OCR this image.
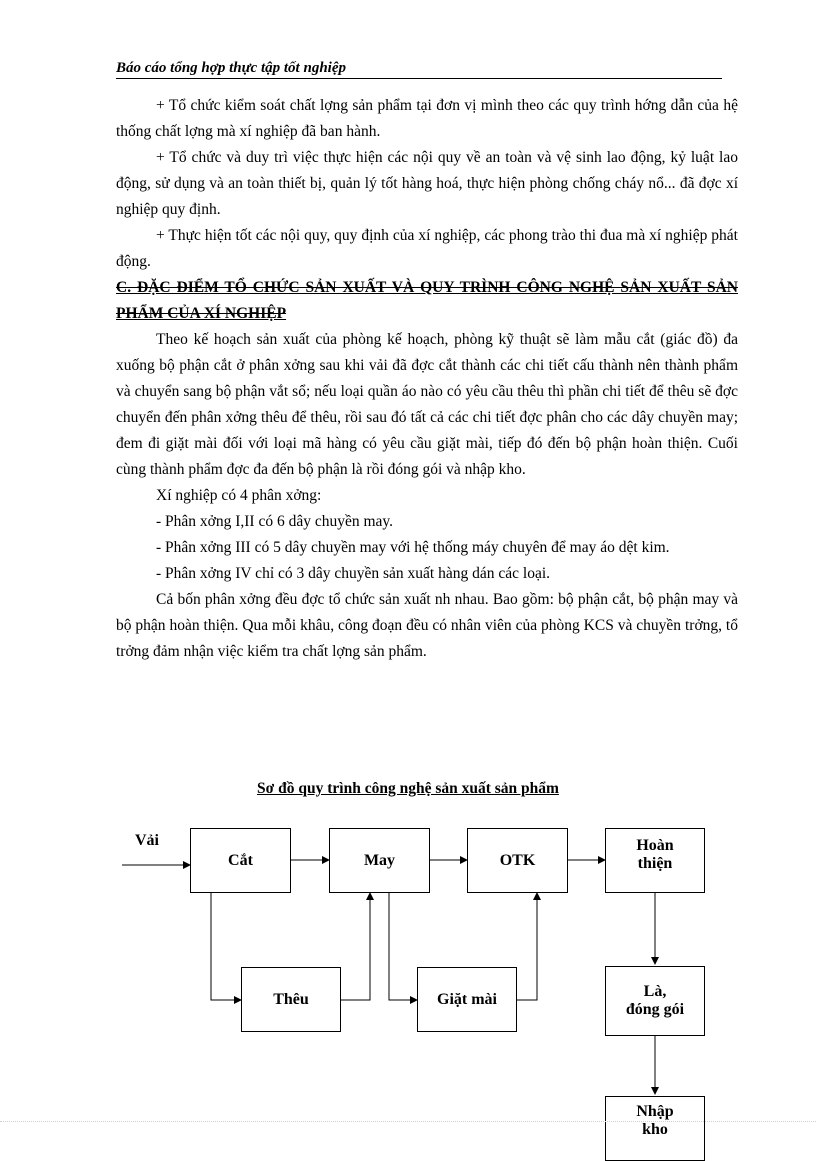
Báo cáo tổng hợp thực tập tốt nghiệp

+ Tổ chức kiểm soát chất lợng sản phẩm tại đơn vị mình theo các quy trình hớng dẫn của hệ thống chất lợng mà xí nghiệp đã ban hành.

+ Tổ chức và duy trì việc thực hiện các nội quy về an toàn và vệ sinh lao động, kỷ luật lao động, sử dụng và an toàn thiết bị, quản lý tốt hàng hoá, thực hiện phòng chống cháy nổ... đã đợc xí nghiệp quy định.

+ Thực hiện tốt các nội quy, quy định của xí nghiệp, các phong trào thi đua mà xí nghiệp phát động.

C. ĐẶC ĐIỂM TỔ CHỨC SẢN XUẤT VÀ QUY TRÌNH CÔNG NGHỆ SẢN XUẤT SẢN PHẨM CỦA XÍ NGHIỆP

Theo kế hoạch sản xuất của phòng kế hoạch, phòng kỹ thuật sẽ làm mẫu cắt (giác đồ) đa xuống bộ phận cắt ở phân xởng sau khi vải đã đợc cắt thành các chi tiết cấu thành nên thành phẩm và chuyển sang bộ phận vắt sổ; nếu loại quần áo nào có yêu cầu thêu thì phần chi tiết để thêu sẽ đợc chuyển đến phân xởng thêu để thêu, rồi sau đó tất cả các chi tiết đợc phân cho các dây chuyền may; đem đi giặt mài đối với loại mã hàng có yêu cầu giặt mài, tiếp đó đến bộ phận hoàn thiện. Cuối cùng thành phẩm đợc đa đến bộ phận là rồi đóng gói và nhập kho.

Xí nghiệp có 4 phân xởng:

- Phân xởng I,II có 6 dây chuyền may.

- Phân xởng III có 5 dây chuyền may với hệ thống máy chuyên để may áo dệt kim.

- Phân xởng IV chỉ có 3 dây chuyền sản xuất hàng dán các loại.

Cả bốn phân xởng đều đợc tổ chức sản xuất nh nhau. Bao gồm: bộ phận cắt, bộ phận may và bộ phận hoàn thiện. Qua mỗi khâu, công đoạn đều có nhân viên của phòng KCS và chuyền trởng, tổ trởng đảm nhận việc kiểm tra chất lợng sản phẩm.

Sơ đồ quy trình công nghệ sản xuất sản phẩm
Vải
Cắt	May	OTK
Hoàn
thiện
Thêu	Giặt mài	Là,
đóng gói
Nhập
kho
